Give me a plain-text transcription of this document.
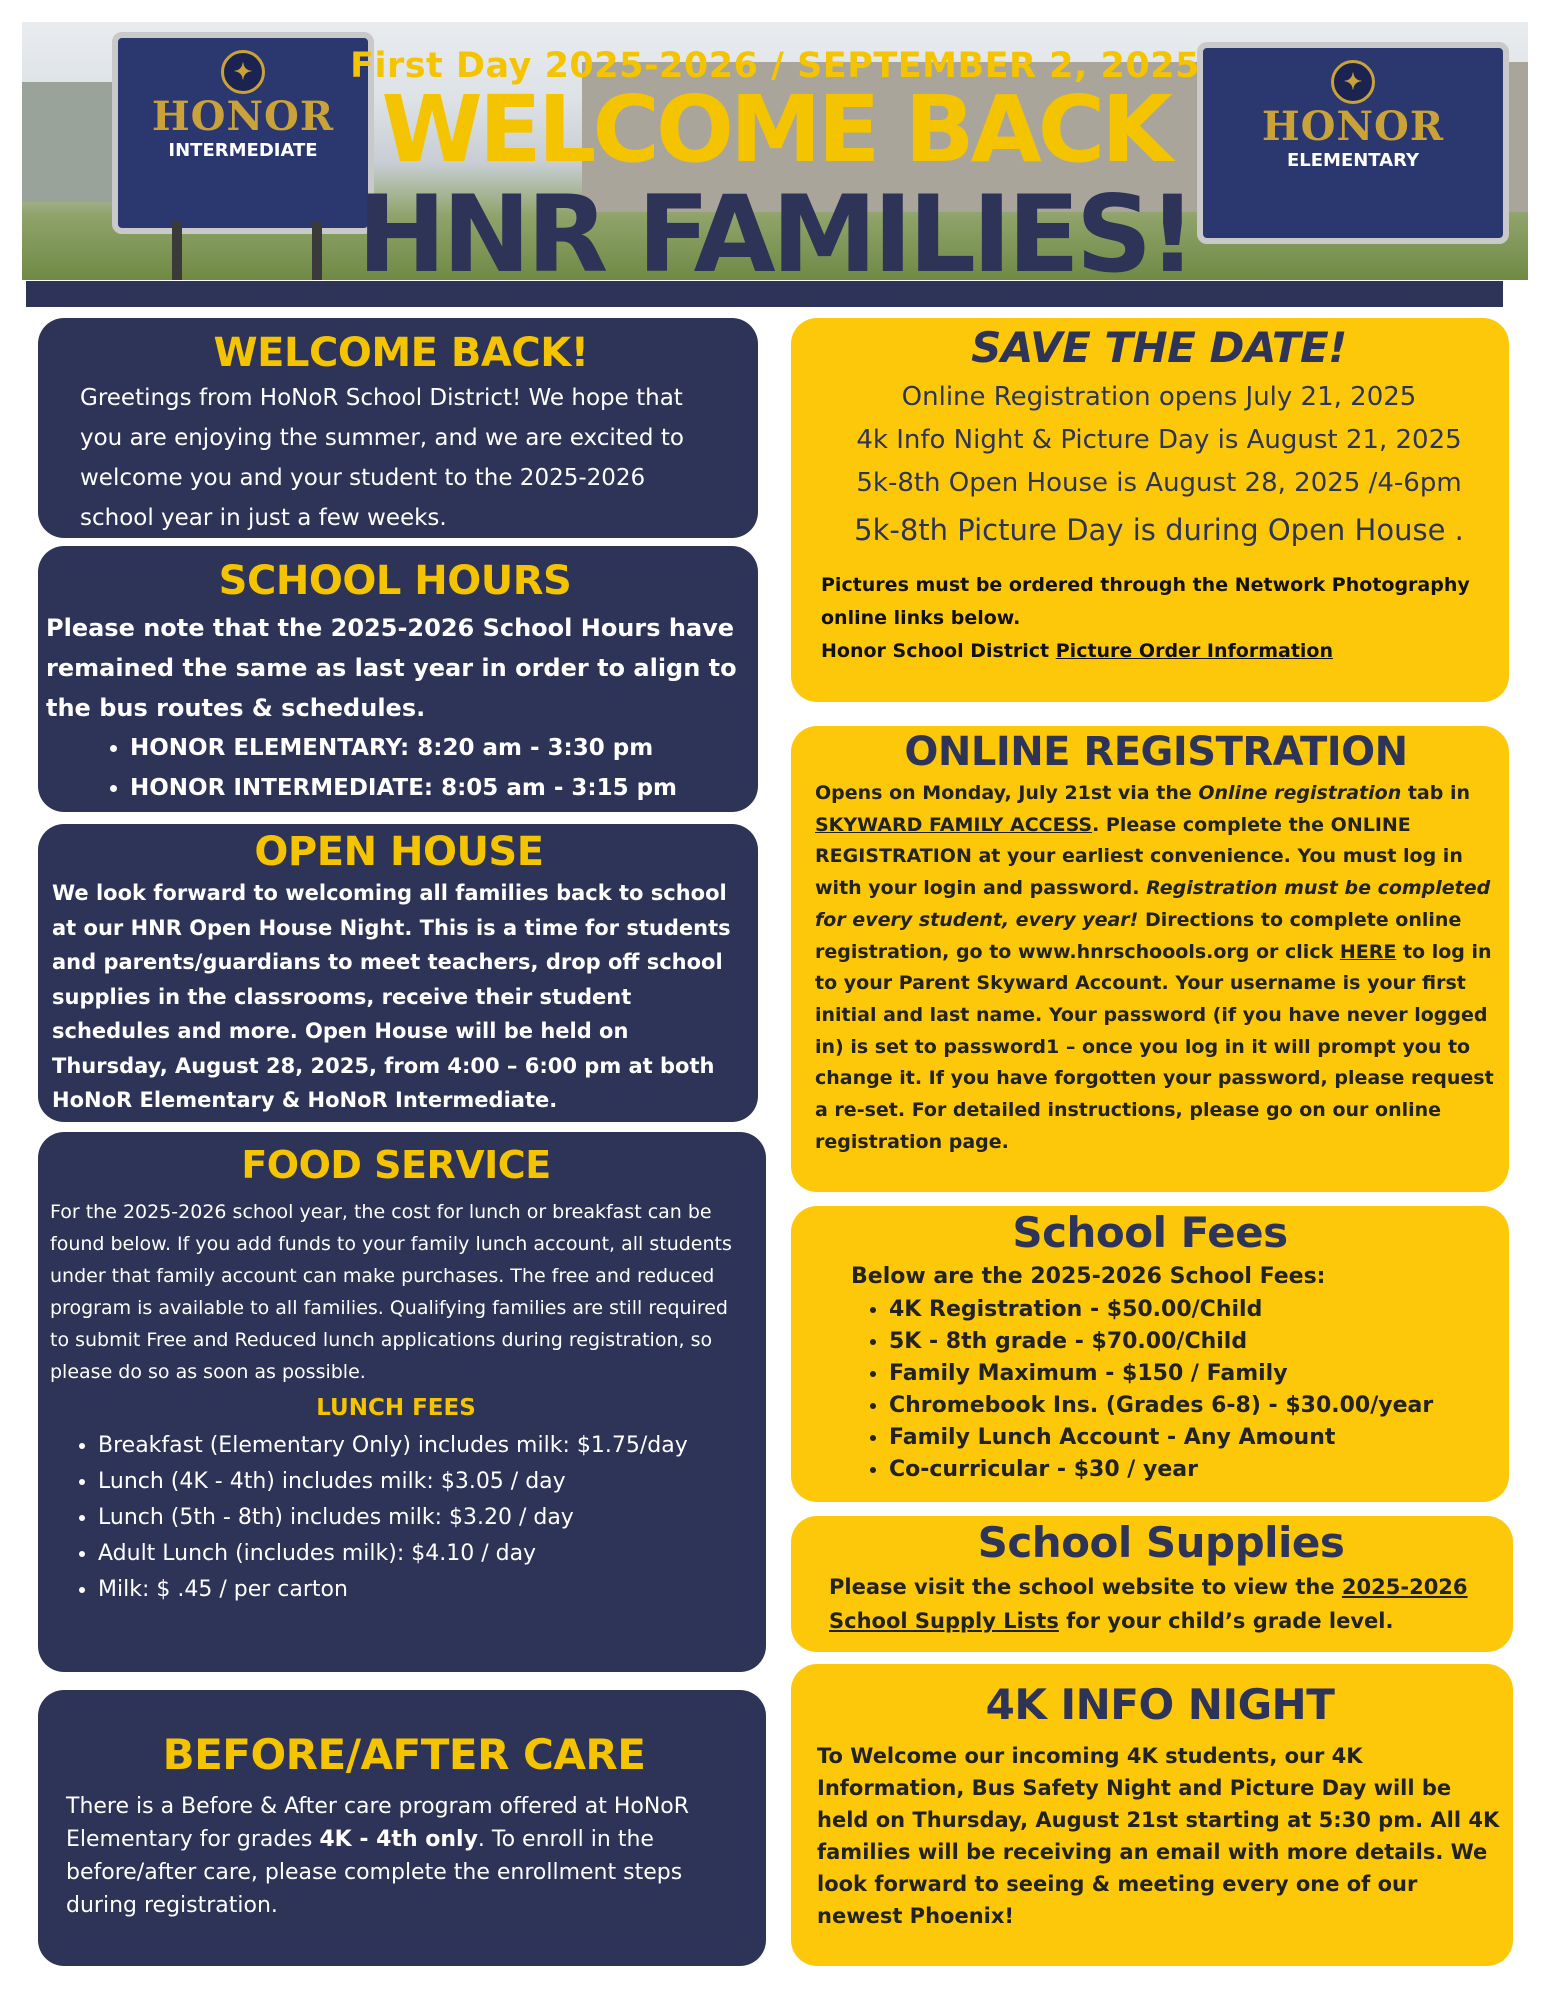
✦
HONOR
INTERMEDIATE
✦
HONOR
ELEMENTARY
First Day 2025-2026 / SEPTEMBER 2, 2025
WELCOME BACK
HNR FAMILIES!
WELCOME BACK!

Greetings from HoNoR School District! We hope that you are enjoying the summer, and we are excited to welcome you and your student to the 2025-2026 school year in just a few weeks.

SCHOOL HOURS

Please note that the 2025-2026 School Hours have remained the same as last year in order to align to the bus routes & schedules.

• HONOR ELEMENTARY: 8:20 am - 3:30 pm
• HONOR INTERMEDIATE: 8:05 am - 3:15 pm
OPEN HOUSE

We look forward to welcoming all families back to school at our HNR Open House Night. This is a time for students and parents/guardians to meet teachers, drop off school supplies in the classrooms, receive their student schedules and more. Open House will be held on Thursday, August 28, 2025, from 4:00 – 6:00 pm at both HoNoR Elementary & HoNoR Intermediate.

FOOD SERVICE

For the 2025-2026 school year, the cost for lunch or breakfast can be found below. If you add funds to your family lunch account, all students under that family account can make purchases. The free and reduced program is available to all families. Qualifying families are still required to submit Free and Reduced lunch applications during registration, so please do so as soon as possible.

LUNCH FEES
• Breakfast (Elementary Only) includes milk: $1.75/day
• Lunch (4K - 4th) includes milk: $3.05 / day
• Lunch (5th - 8th) includes milk: $3.20 / day
• Adult Lunch (includes milk): $4.10 / day
• Milk: $ .45 / per carton
BEFORE/AFTER CARE

There is a Before & After care program offered at HoNoR Elementary for grades 4K - 4th only. To enroll in the before/after care, please complete the enrollment steps during registration.

SAVE THE DATE!
Online Registration opens July 21, 2025
4k Info Night & Picture Day is August 21, 2025
5k-8th Open House is August 28, 2025 /4-6pm
5k-8th Picture Day is during Open House .

Pictures must be ordered through the Network Photography online links below.

Honor School District Picture Order Information

ONLINE REGISTRATION

Opens on Monday, July 21st via the Online registration tab in SKYWARD FAMILY ACCESS. Please complete the ONLINE REGISTRATION at your earliest convenience. You must log in with your login and password. Registration must be completed for every student, every year! Directions to complete online registration, go to www.hnrschoools.org or click HERE to log in to your Parent Skyward Account. Your username is your first initial and last name. Your password (if you have never logged in) is set to password1 – once you log in it will prompt you to change it. If you have forgotten your password, please request a re-set. For detailed instructions, please go on our online registration page.

School Fees
Below are the 2025-2026 School Fees:
• 4K Registration - $50.00/Child
• 5K - 8th grade - $70.00/Child
• Family Maximum - $150 / Family
• Chromebook Ins. (Grades 6-8) - $30.00/year
• Family Lunch Account - Any Amount
• Co-curricular - $30 / year
School Supplies

Please visit the school website to view the 2025-2026 School Supply Lists for your child’s grade level.

4K INFO NIGHT

To Welcome our incoming 4K students, our 4K Information, Bus Safety Night and Picture Day will be held on Thursday, August 21st starting at 5:30 pm. All 4K families will be receiving an email with more details. We look forward to seeing & meeting every one of our newest Phoenix!
